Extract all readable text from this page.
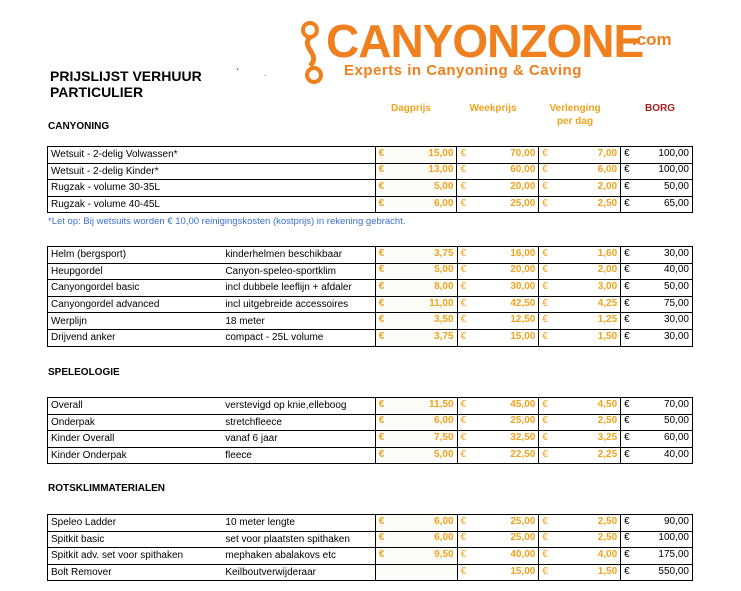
CANYONZONE
.com
Experts in Canyoning & Caving
PRIJSLIJST VERHUUR
PARTICULIER
`	.
Dagprijs	Weekprijs	Verlenging
per dag
BORG
CANYONING
SPELEOLOGIE
ROTSKLIMMATERIALEN
Wetsuit - 2-delig Volwassen*	€ 15,00	€ 70,00	€ 7,00	€ 100,00

Wetsuit - 2-delig Kinder*	€ 13,00	€ 60,00	€ 6,00	€ 100,00

Rugzak - volume 30-35L	€ 5,00	€ 20,00	€ 2,00	€ 50,00

Rugzak - volume 40-45L	€ 6,00	€ 25,00	€ 2,50	€ 65,00
*Let op: Bij wetsuits worden € 10,00 reinigingskosten (kostprijs) in rekening gebracht.
Helm (bergsport)	kinderhelmen beschikbaar	€ 3,75	€ 16,00	€ 1,60	€ 30,00

Heupgordel	Canyon-speleo-sportklim	€ 5,00	€ 20,00	€ 2,00	€ 40,00

Canyongordel basic	incl dubbele leeflijn + afdaler	€ 8,00	€ 30,00	€ 3,00	€ 50,00

Canyongordel advanced	incl uitgebreide accessoires	€ 11,00	€ 42,50	€ 4,25	€ 75,00

Werplijn	18 meter	€ 3,50	€ 12,50	€ 1,25	€ 30,00

Drijvend anker	compact - 25L volume	€ 3,75	€ 15,00	€ 1,50	€ 30,00
Overall	verstevigd op knie,elleboog	€ 11,50	€ 45,00	€ 4,50	€ 70,00

Onderpak	stretchfleece	€ 6,00	€ 25,00	€ 2,50	€ 50,00

Kinder Overall	vanaf 6 jaar	€ 7,50	€ 32,50	€ 3,25	€ 60,00

Kinder Onderpak	fleece	€ 5,00	€ 22,50	€ 2,25	€ 40,00
Speleo Ladder	10 meter lengte	€ 6,00	€ 25,00	€ 2,50	€ 90,00

Spitkit basic	set voor plaatsten spithaken	€ 6,00	€ 25,00	€ 2,50	€ 100,00

Spitkit adv. set voor spithaken	mephaken abalakovs etc	€ 9,50	€ 40,00	€ 4,00	€ 175,00

Bolt Remover	Keilboutverwijderaar		€ 15,00	€ 1,50	€ 550,00
